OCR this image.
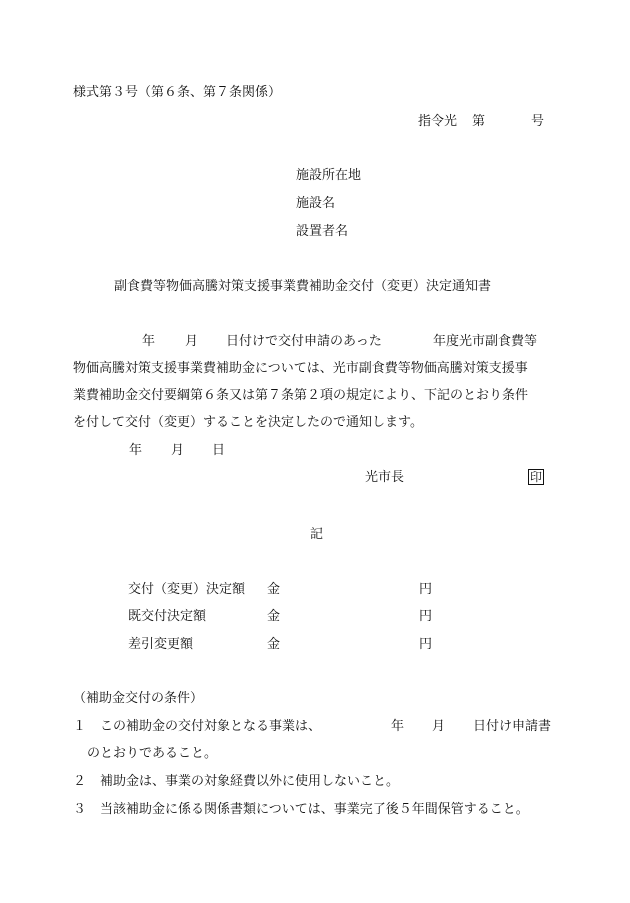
様式第３号（第６条、第７条関係）
指令光 第	号
施設所在地
施設名
設置者名
副食費等物価高騰対策支援事業費補助金交付（変更）決定通知書
年 月 日付けで交付申請のあった	年度光市副食費等
物価高騰対策支援事業費補助金については、光市副食費等物価高騰対策支援事
業費補助金交付要綱第６条又は第７条第２項の規定により、下記のとおり条件
を付して交付（変更）することを決定したので通知します。
年 月 日
光市長	印
記
交付（変更）決定額 金	円
既交付決定額	金	円
差引変更額	金	円
（補助金交付の条件）
１ この補助金の交付対象となる事業は、	年 月 日付け申請書
のとおりであること。
２ 補助金は、事業の対象経費以外に使用しないこと。
３ 当該補助金に係る関係書類については、事業完了後５年間保管すること。
